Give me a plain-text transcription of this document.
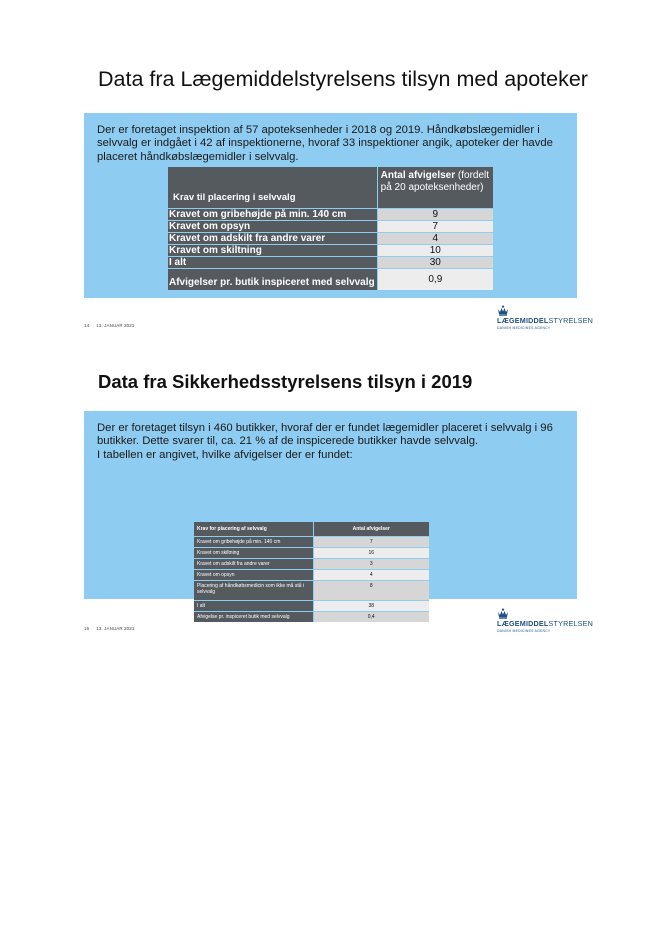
Data fra Lægemiddelstyrelsens tilsyn med apoteker

Der er foretaget inspektion af 57 apoteksenheder i 2018 og 2019. Håndkøbslægemidler i selvvalg er indgået i 42 af inspektionerne, hvoraf 33 inspektioner angik, apoteker der havde placeret håndkøbslægemidler i selvvalg.

Krav til placering i selvvalg	Antal afvigelser (fordelt på 20 apoteksenheder)
Kravet om gribehøjde på min. 140 cm	9
Kravet om opsyn	7
Kravet om adskilt fra andre varer	4
Kravet om skiltning	10
I alt	30
Afvigelser pr. butik inspiceret med selvvalg	0,9
14 13. JANUAR 2021
LÆGEMIDDELSTYRELSEN
DANISH MEDICINES AGENCY
Data fra Sikkerhedsstyrelsens tilsyn i 2019

Der er foretaget tilsyn i 460 butikker, hvoraf der er fundet lægemidler placeret i selvvalg i 96 butikker. Dette svarer til, ca. 21 % af de inspicerede butikker havde selvvalg.

I tabellen er angivet, hvilke afvigelser der er fundet:

Krav for placering af selvvalg	Antal afvigelser
Kravet om gribehøjde på min. 140 cm	7
Kravet om skiltning	16
Kravet om adskilt fra andre varer	3
Kravet om opsyn	4
Placering af håndkøbsmedicin som ikke må stå i selvvalg	8
I alt	38
Afvigelse pr. inspiceret butik med selvvalg	0,4
15 13. JANUAR 2021
LÆGEMIDDELSTYRELSEN
DANISH MEDICINES AGENCY
